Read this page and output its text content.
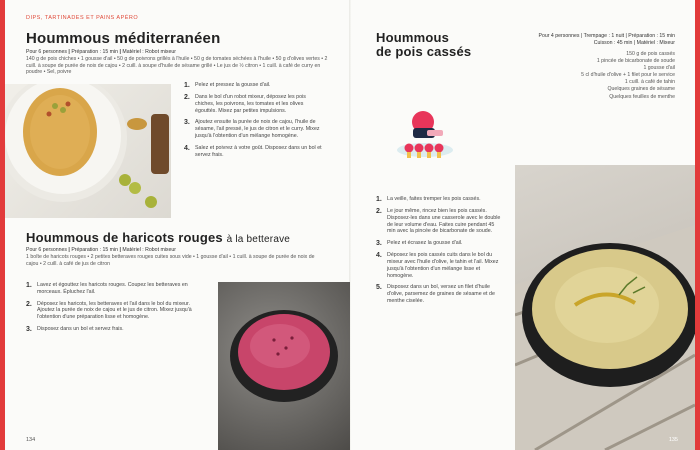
DIPS, TARTINADES ET PAINS APÉRO
Hoummous méditerranéen
Pour 6 personnes | Préparation : 15 min | Matériel : Robot mixeur
140 g de pois chiches • 1 gousse d'ail • 50 g de poivrons grillés à l'huile • 50 g de tomates séchées à l'huile • 50 g d'olives vertes • 2 cuill. à soupe de purée de noix de cajou • 2 cuill. à soupe d'huile de sésame grillé • Le jus de ½ citron • 1 cuill. à café de curry en poudre • Sel, poivre
1. Pelez et pressez la gousse d'ail.
2. Dans le bol d'un robot mixeur, déposez les pois chiches, les poivrons, les tomates et les olives égouttés. Mixez par petites impulsions.
3. Ajoutez ensuite la purée de noix de cajou, l'huile de sésame, l'ail pressé, le jus de citron et le curry. Mixez jusqu'à l'obtention d'un mélange homogène.
4. Salez et poivrez à votre goût. Disposez dans un bol et servez frais.
Hoummous de haricots rouges à la betterave
Pour 6 personnes | Préparation : 15 min | Matériel : Robot mixeur
1 boîte de haricots rouges • 2 petites betteraves rouges cuites sous vide • 1 gousse d'ail • 1 cuill. à soupe de purée de noix de cajou • 2 cuill. à café de jus de citron
1. Lavez et égouttez les haricots rouges. Coupez les betteraves en morceaux. Épluchez l'ail.
2. Déposez les haricots, les betteraves et l'ail dans le bol du mixeur. Ajoutez la purée de noix de cajou et le jus de citron. Mixez jusqu'à l'obtention d'une préparation lisse et homogène.
3. Disposez dans un bol et servez frais.
134
Hoummous
de pois cassés
Pour 4 personnes | Trempage : 1 nuit | Préparation : 15 min
Cuisson : 45 min | Matériel : Mixeur
150 g de pois cassés
1 pincée de bicarbonate de soude
1 gousse d'ail
5 cl d'huile d'olive + 1 filet pour le service
1 cuill. à café de tahin
Quelques graines de sésame
Quelques feuilles de menthe
1. La veille, faites tremper les pois cassés.
2. Le jour même, rincez bien les pois cassés. Disposez-les dans une casserole avec le double de leur volume d'eau. Faites cuire pendant 45 min avec la pincée de bicarbonate de soude.
3. Pelez et écrasez la gousse d'ail.
4. Déposez les pois cassés cuits dans le bol du mixeur avec l'huile d'olive, le tahin et l'ail. Mixez jusqu'à l'obtention d'un mélange lisse et homogène.
5. Disposez dans un bol, versez un filet d'huile d'olive, parsemez de graines de sésame et de menthe ciselée.
135
